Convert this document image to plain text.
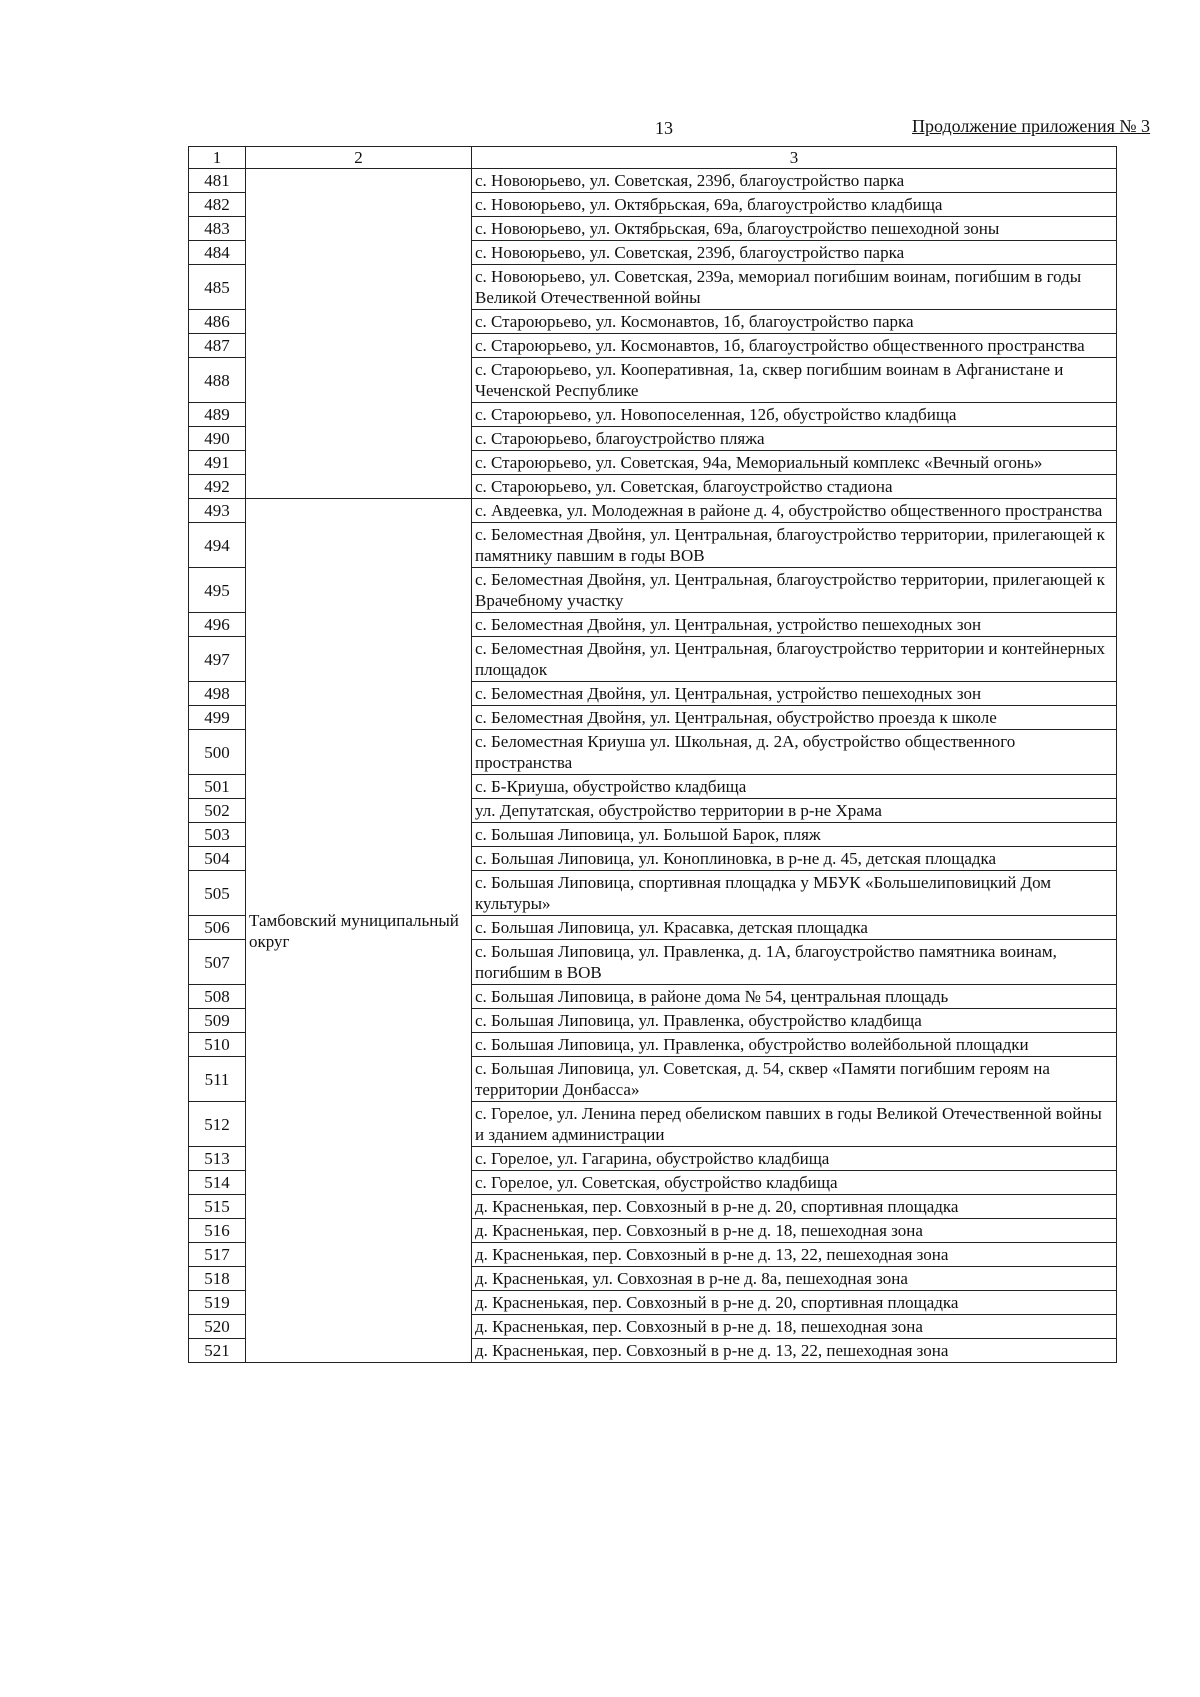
13	Продолжение приложения № 3
1	2	3
481		с. Новоюрьево, ул. Советская, 239б, благоустройство парка
482		с. Новоюрьево, ул. Октябрьская, 69а, благоустройство кладбища
483		с. Новоюрьево, ул. Октябрьская, 69а, благоустройство пешеходной зоны
484		с. Новоюрьево, ул. Советская, 239б, благоустройство парка
485		с. Новоюрьево, ул. Советская, 239а, мемориал погибшим воинам, погибшим в годы Великой Отечественной войны
486		с. Староюрьево, ул. Космонавтов, 1б, благоустройство парка
487		с. Староюрьево, ул. Космонавтов, 1б, благоустройство общественного пространства
488		с. Староюрьево, ул. Кооперативная, 1а, сквер погибшим воинам в Афганистане и Чеченской Республике
489		с. Староюрьево, ул. Новопоселенная, 12б, обустройство кладбища
490		с. Староюрьево, благоустройство пляжа
491		с. Староюрьево, ул. Советская, 94а, Мемориальный комплекс «Вечный огонь»
492		с. Староюрьево, ул. Советская, благоустройство стадиона
493	Тамбовский муниципальный округ	с. Авдеевка, ул. Молодежная в районе д. 4, обустройство общественного пространства
494		с. Беломестная Двойня, ул. Центральная, благоустройство территории, прилегающей к памятнику павшим в годы ВОВ
495		с. Беломестная Двойня, ул. Центральная, благоустройство территории, прилегающей к Врачебному участку
496		с. Беломестная Двойня, ул. Центральная, устройство пешеходных зон
497		с. Беломестная Двойня, ул. Центральная, благоустройство территории и контейнерных площадок
498		с. Беломестная Двойня, ул. Центральная, устройство пешеходных зон
499		с. Беломестная Двойня, ул. Центральная, обустройство проезда к школе
500		с. Беломестная Криуша ул. Школьная, д. 2А, обустройство общественного пространства
501		с. Б-Криуша, обустройство кладбища
502		ул. Депутатская, обустройство территории в р-не Храма
503		с. Большая Липовица, ул. Большой Барок, пляж
504		с. Большая Липовица, ул. Коноплиновка, в р-не д. 45, детская площадка
505		с. Большая Липовица, спортивная площадка у МБУК «Большелиповицкий Дом культуры»
506		с. Большая Липовица, ул. Красавка, детская площадка
507		с. Большая Липовица, ул. Правленка, д. 1А, благоустройство памятника воинам, погибшим в ВОВ
508		с. Большая Липовица, в районе дома № 54, центральная площадь
509		с. Большая Липовица, ул. Правленка, обустройство кладбища
510		с. Большая Липовица, ул. Правленка, обустройство волейбольной площадки
511		с. Большая Липовица, ул. Советская, д. 54, сквер «Памяти погибшим героям на территории Донбасса»
512		с. Горелое, ул. Ленина перед обелиском павших в годы Великой Отечественной войны и зданием администрации
513		с. Горелое, ул. Гагарина, обустройство кладбища
514		с. Горелое, ул. Советская, обустройство кладбища
515		д. Красненькая, пер. Совхозный в р-не д. 20, спортивная площадка
516		д. Красненькая, пер. Совхозный в р-не д. 18, пешеходная зона
517		д. Красненькая, пер. Совхозный в р-не д. 13, 22, пешеходная зона
518		д. Красненькая, ул. Совхозная в р-не д. 8а, пешеходная зона
519		д. Красненькая, пер. Совхозный в р-не д. 20, спортивная площадка
520		д. Красненькая, пер. Совхозный в р-не д. 18, пешеходная зона
521		д. Красненькая, пер. Совхозный в р-не д. 13, 22, пешеходная зона
